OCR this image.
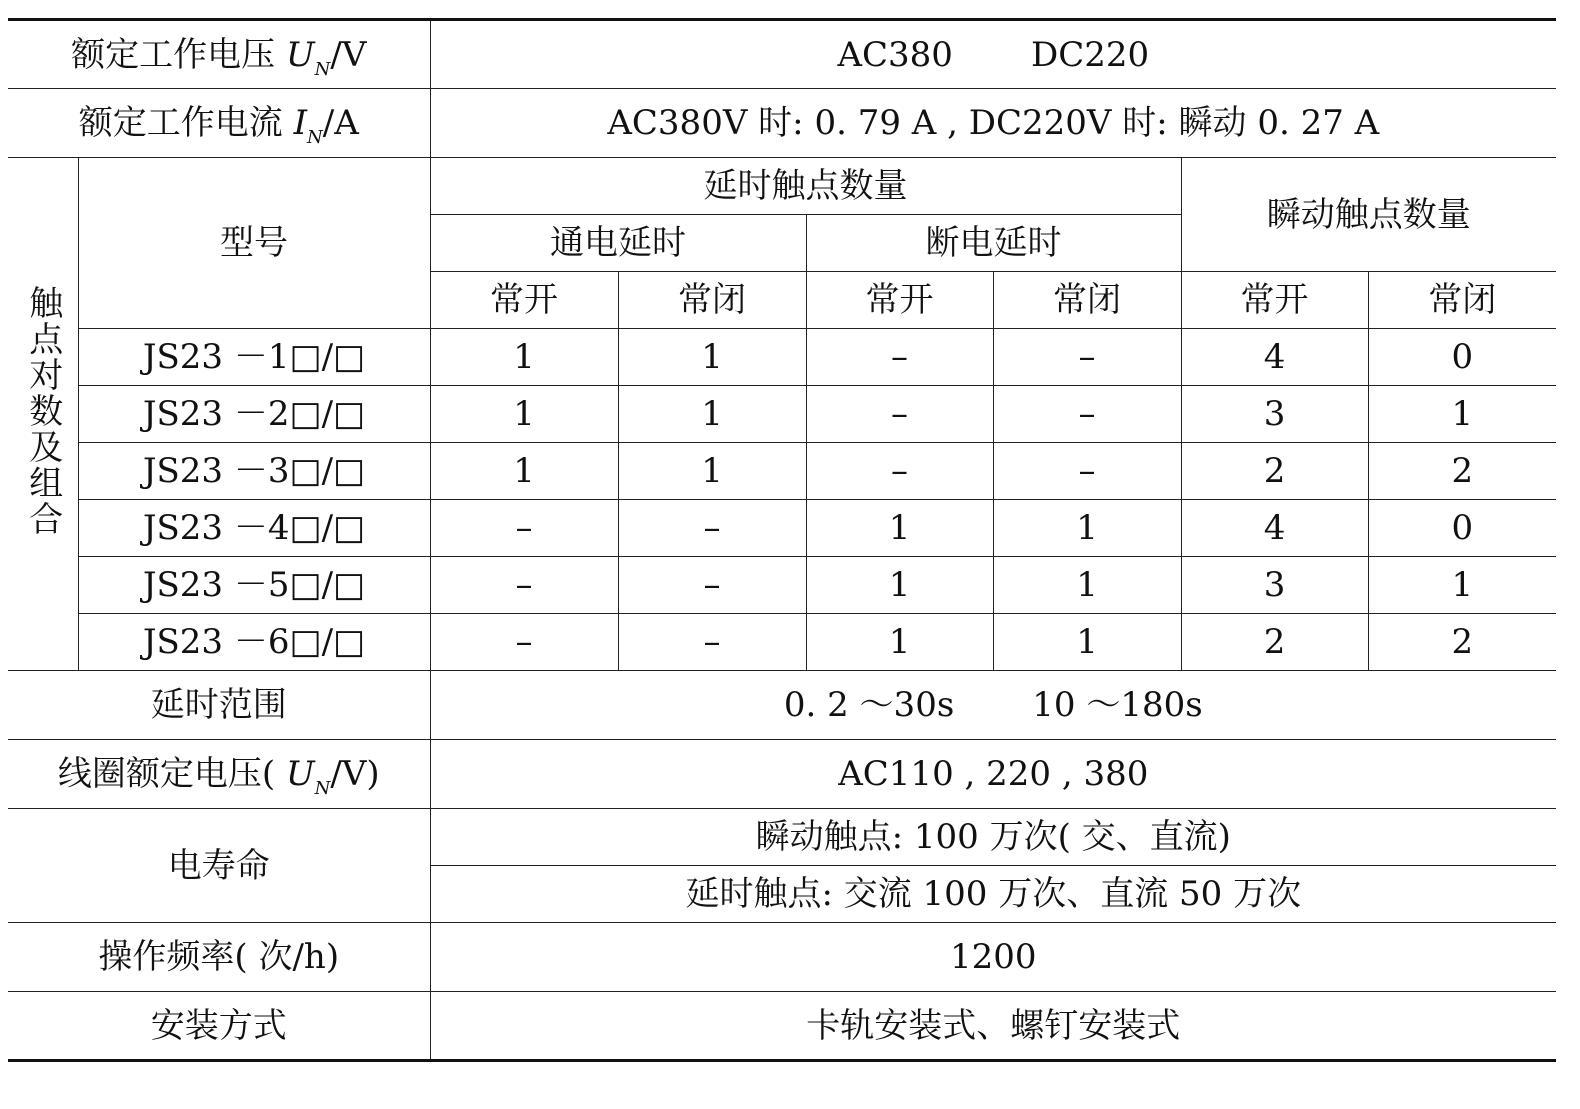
额定工作电压 $U_N/V$		AC380 DC220					
额定工作电流 $I_N/A$		AC380V 时: 0. 79 A , DC220V 时: 瞬动 0. 27 A					
触点对数及组合	型号	延时触点数量				瞬动触点数量	
		通电延时		断电延时			
		常开	常闭	常开	常闭	常开	常闭
	JS23 －1□/□	1	1	–	–	4	0
	JS23 －2□/□	1	1	–	–	3	1
	JS23 －3□/□	1	1	–	–	2	2
	JS23 －4□/□	–	–	1	1	4	0
	JS23 －5□/□	–	–	1	1	3	1
	JS23 －6□/□	–	–	1	1	2	2
延时范围		0. 2 ～30s 10 ～180s					
线圈额定电压( $U_N/V$)		AC110 , 220 , 380					
电寿命		瞬动触点: 100 万次( 交、直流)					
		延时触点: 交流 100 万次、直流 50 万次					
操作频率( 次/h)		1200					
安装方式		卡轨安装式、螺钉安装式					
